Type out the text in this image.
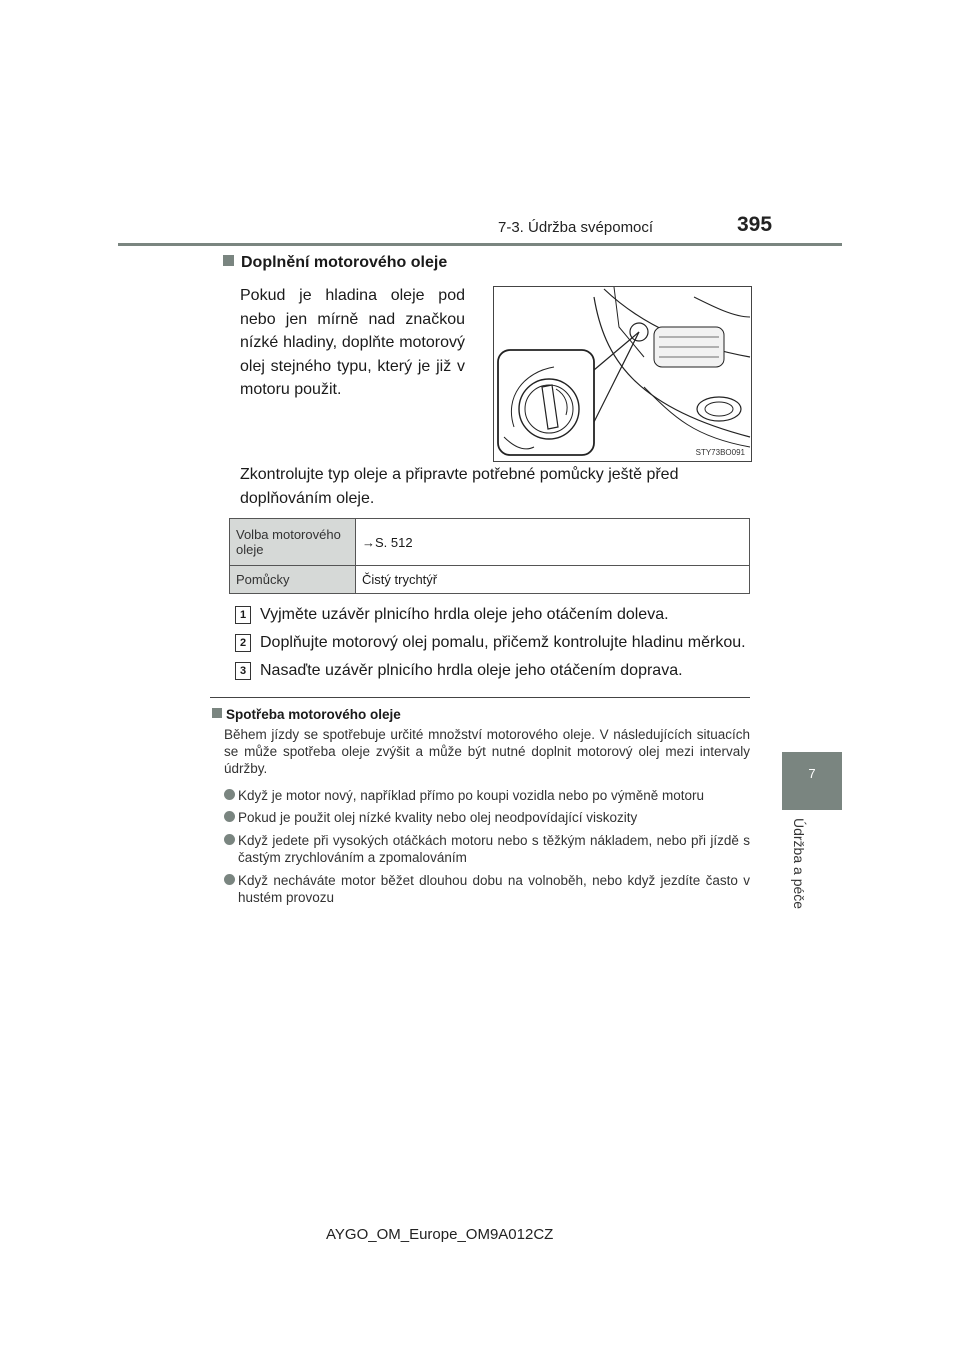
7-3. Údržba svépomocí	395
7
Údržba a péče
Doplnění motorového oleje
Pokud je hladina oleje pod nebo jen mírně nad značkou nízké hladiny, doplňte motorový olej stejného typu, který je již v motoru použit.
STY73BO091
Zkontrolujte typ oleje a připravte potřebné pomůcky ještě před doplňováním oleje.
Volba motorového oleje	→S. 512
Pomůcky	Čistý trychtýř
1 Vyjměte uzávěr plnicího hrdla oleje jeho otáčením doleva.
2 Doplňujte motorový olej pomalu, přičemž kontrolujte hladinu měrkou.
3 Nasaďte uzávěr plnicího hrdla oleje jeho otáčením doprava.
Spotřeba motorového oleje
Během jízdy se spotřebuje určité množství motorového oleje. V následujících situacích se může spotřeba oleje zvýšit a může být nutné doplnit motorový olej mezi intervaly údržby.
Když je motor nový, například přímo po koupi vozidla nebo po výměně motoru
Pokud je použit olej nízké kvality nebo olej neodpovídající viskozity
Když jedete při vysokých otáčkách motoru nebo s těžkým nákladem, nebo při jízdě s častým zrychlováním a zpomalováním
Když necháváte motor běžet dlouhou dobu na volnoběh, nebo když jezdíte často v hustém provozu
AYGO_OM_Europe_OM9A012CZ
